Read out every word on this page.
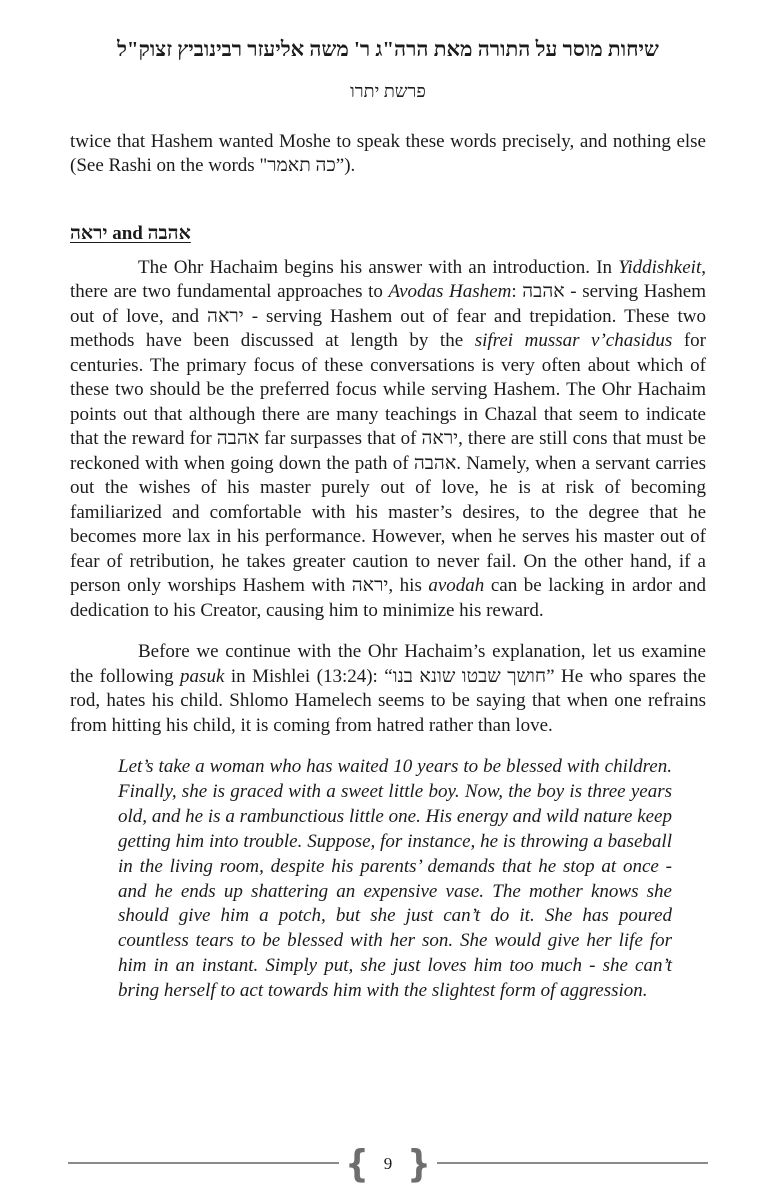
שיחות מוסר על התורה מאת הרה"ג ר' משה אליעזר רבינוביץ זצוק"ל
פרשת יתרו

twice that Hashem wanted Moshe to speak these words precisely, and nothing else (See Rashi on the words "כה תאמר”).

יראה and אהבה

The Ohr Hachaim begins his answer with an introduction. In Yiddishkeit, there are two fundamental approaches to Avodas Hashem: אהבה - serving Hashem out of love, and יראה - serving Hashem out of fear and trepidation. These two methods have been discussed at length by the sifrei mussar v’chasidus for centuries. The primary focus of these conversations is very often about which of these two should be the preferred focus while serving Hashem. The Ohr Hachaim points out that although there are many teachings in Chazal that seem to indicate that the reward for אהבה far surpasses that of יראה, there are still cons that must be reckoned with when going down the path of אהבה. Namely, when a servant carries out the wishes of his master purely out of love, he is at risk of becoming familiarized and comfortable with his master’s desires, to the degree that he becomes more lax in his performance. However, when he serves his master out of fear of retribution, he takes greater caution to never fail. On the other hand, if a person only worships Hashem with יראה, his avodah can be lacking in ardor and dedication to his Creator, causing him to minimize his reward.

Before we continue with the Ohr Hachaim’s explanation, let us examine the following pasuk in Mishlei (13:24): “חושך שבטו שונא בנו” He who spares the rod, hates his child. Shlomo Hamelech seems to be saying that when one refrains from hitting his child, it is coming from hatred rather than love.

Let’s take a woman who has waited 10 years to be blessed with children. Finally, she is graced with a sweet little boy. Now, the boy is three years old, and he is a rambunctious little one. His energy and wild nature keep getting him into trouble. Suppose, for instance, he is throwing a baseball in the living room, despite his parents’ demands that he stop at once - and he ends up shattering an expensive vase. The mother knows she should give him a potch, but she just can’t do it. She has poured countless tears to be blessed with her son. She would give her life for him in an instant. Simply put, she just loves him too much - she can’t bring herself to act towards him with the slightest form of aggression.
{ 9 }
